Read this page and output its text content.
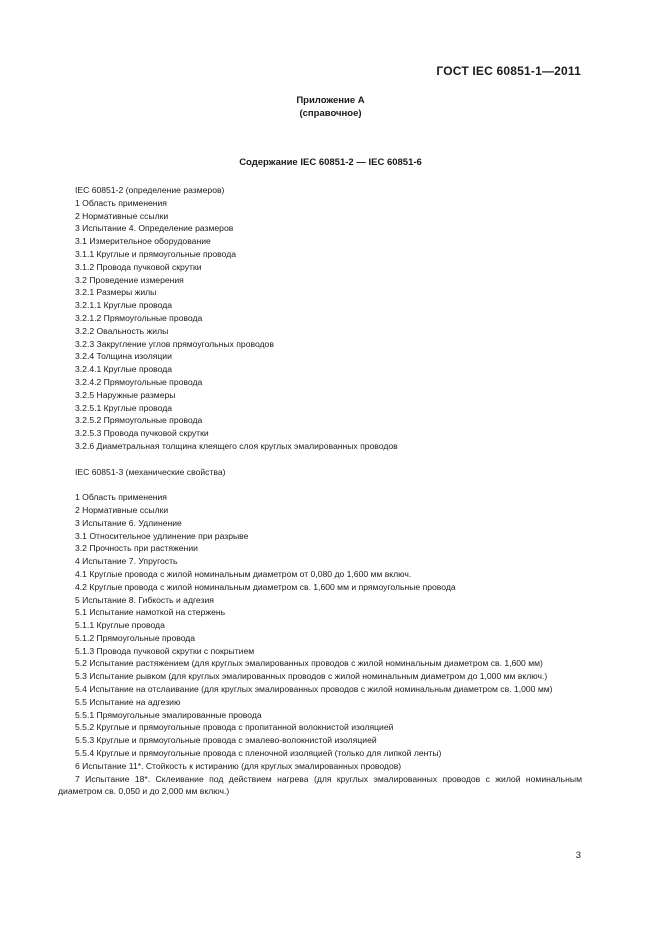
ГОСТ IEC 60851-1—2011
Приложение А
(справочное)
Содержание IEC 60851-2 — IEC 60851-6
IEC 60851-2 (определение размеров)
1 Область применения
2 Нормативные ссылки
3 Испытание 4. Определение размеров
3.1 Измерительное оборудование
3.1.1 Круглые и прямоугольные провода
3.1.2 Провода пучковой скрутки
3.2 Проведение измерения
3.2.1 Размеры жилы
3.2.1.1 Круглые провода
3.2.1.2 Прямоугольные провода
3.2.2 Овальность жилы
3.2.3 Закругление углов прямоугольных проводов
3.2.4 Толщина изоляции
3.2.4.1 Круглые провода
3.2.4.2 Прямоугольные провода
3.2.5 Наружные размеры
3.2.5.1 Круглые провода
3.2.5.2 Прямоугольные провода
3.2.5.3 Провода пучковой скрутки
3.2.6 Диаметральная толщина клеящего слоя круглых эмалированных проводов
IEC 60851-3 (механические свойства)
1 Область применения
2 Нормативные ссылки
3 Испытание 6. Удлинение
3.1 Относительное удлинение при разрыве
3.2 Прочность при растяжении
4 Испытание 7. Упругость
4.1 Круглые провода с жилой номинальным диаметром от 0,080 до 1,600 мм включ.
4.2 Круглые провода с жилой номинальным диаметром св. 1,600 мм и прямоугольные провода
5 Испытание 8. Гибкость и адгезия
5.1 Испытание намоткой на стержень
5.1.1 Круглые провода
5.1.2 Прямоугольные провода
5.1.3 Провода пучковой скрутки с покрытием
5.2 Испытание растяжением (для круглых эмалированных проводов с жилой номинальным диаметром св. 1,600 мм)
5.3 Испытание рывком (для круглых эмалированных проводов с жилой номинальным диаметром до 1,000 мм включ.)
5.4 Испытание на отслаивание (для круглых эмалированных проводов с жилой номинальным диаметром св. 1,000 мм)
5.5 Испытание на адгезию
5.5.1 Прямоугольные эмалированные провода
5.5.2 Круглые и прямоугольные провода с пропитанной волокнистой изоляцией
5.5.3 Круглые и прямоугольные провода с эмалево-волокнистой изоляцией
5.5.4 Круглые и прямоугольные провода с пленочной изоляцией (только для липкой ленты)
6 Испытание 11*. Стойкость к истиранию (для круглых эмалированных проводов)
7 Испытание 18*. Склеивание под действием нагрева (для круглых эмалированных проводов с жилой номинальным диаметром св. 0,050 и до 2,000 мм включ.)
3
